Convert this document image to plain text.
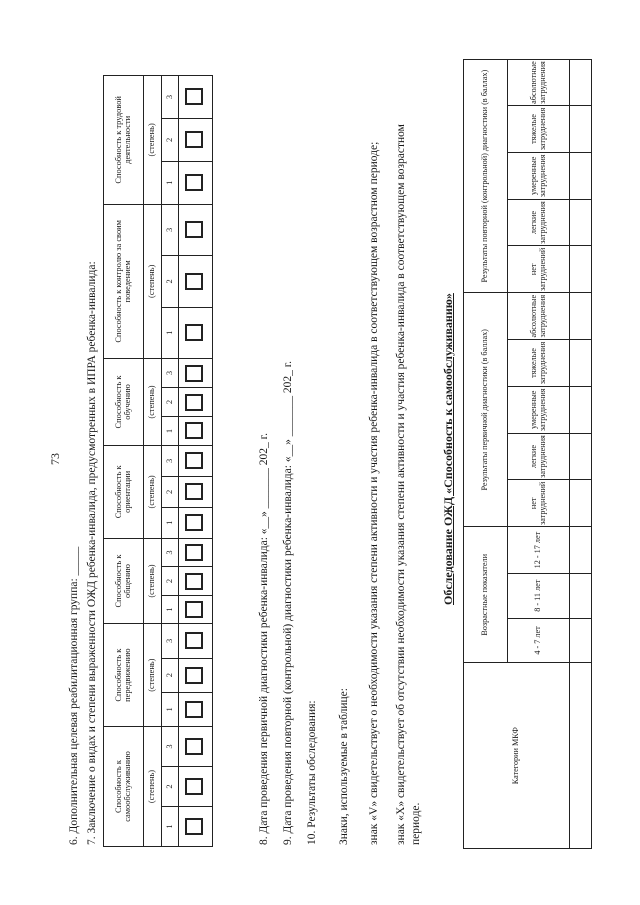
73
6. Дополнительная целевая реабилитационная группа: _____ 7. Заключение о видах и степени выраженности ОЖД ребенка-инвалида, предусмотренных в ИПРА ребенка-инвалида: Способность к самообслуживанию			Способность к передвижению			Способность к общению			Способность к ориентации			Способность к обучению			Способность к контролю за своим поведением			Способность к трудовой деятельности		
(степень)			(степень)			(степень)			(степень)			(степень)			(степень)			(степень)		
1	2	3	1	2	3	1	2	3	1	2	3	1	2	3	1	2	3	1	2	3

8. Дата проведения первичной диагностики ребенка-инвалида: «__» _______ 202_ г. 9. Дата проведения повторной (контрольной) диагностики ребенка-инвалида: «__» _______ 202_ г. 10. Результаты обследования: Знаки, используемые в таблице: знак «V» свидетельствует о необходимости указания степени активности и участия ребенка-инвалида в соответствующем возрастном периоде; знак «X» свидетельствует об отсутствии необходимости указания степени активности и участия ребенка-инвалида в соответствующем возрастном периоде.
Обследование ОЖД «Способность к самообслуживанию»
Категории МКФ	Возрастные показатели			Результаты первичной диагностики (в баллах)					Результаты повторной (контрольной) диагностики (в баллах)				
	4 - 7 лет	8 - 11 лет	12 - 17 лет	нет затруднений	легкие затруднения	умеренные затруднения	тяжелые затруднения	абсолютные затруднения	нет затруднений	легкие затруднения	умеренные затруднения	тяжелые затруднения	абсолютные затруднения
